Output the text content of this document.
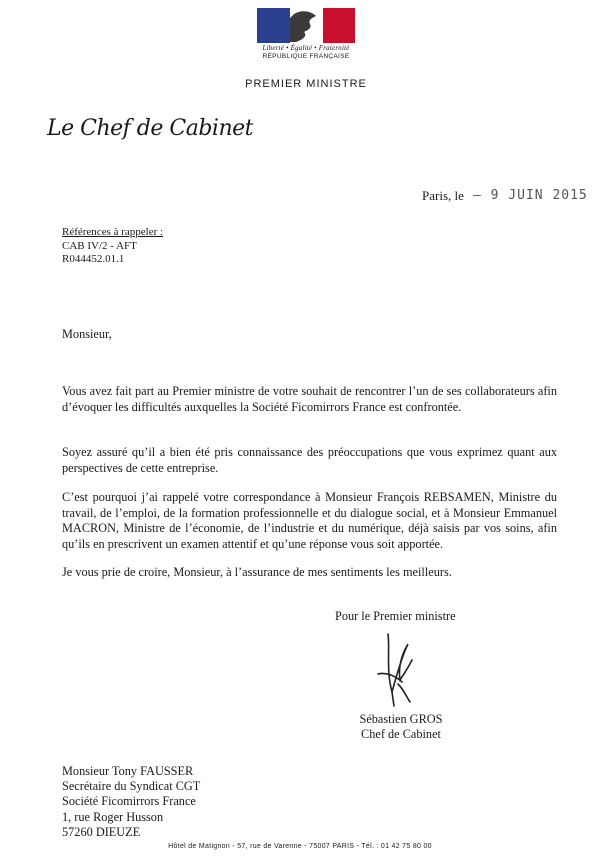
Liberté • Égalité • Fraternité
RÉPUBLIQUE FRANÇAISE
PREMIER MINISTRE
Le Chef de Cabinet
Paris, le – 9 JUIN 2015
Références à rappeler :
CAB IV/2 - AFT
R044452.01.1
Monsieur,
Vous avez fait part au Premier ministre de votre souhait de rencontrer l’un de ses collaborateurs afin d’évoquer les difficultés auxquelles la Société Ficomirrors France est confrontée.
Soyez assuré qu’il a bien été pris connaissance des préoccupations que vous exprimez quant aux perspectives de cette entreprise.
C’est pourquoi j’ai rappelé votre correspondance à Monsieur François REBSAMEN, Ministre du travail, de l’emploi, de la formation professionnelle et du dialogue social, et à Monsieur Emmanuel MACRON, Ministre de l’économie, de l’industrie et du numérique, déjà saisis par vos soins, afin qu’ils en prescrivent un examen attentif et qu’une réponse vous soit apportée.
Je vous prie de croire, Monsieur, à l’assurance de mes sentiments les meilleurs.
Pour le Premier ministre
Sébastien GROS
Chef de Cabinet
Monsieur Tony FAUSSER
Secrétaire du Syndicat CGT
Société Ficomirrors France
1, rue Roger Husson
57260 DIEUZE
Hôtel de Matignon - 57, rue de Varenne - 75007 PARIS - Tél. : 01 42 75 80 00
